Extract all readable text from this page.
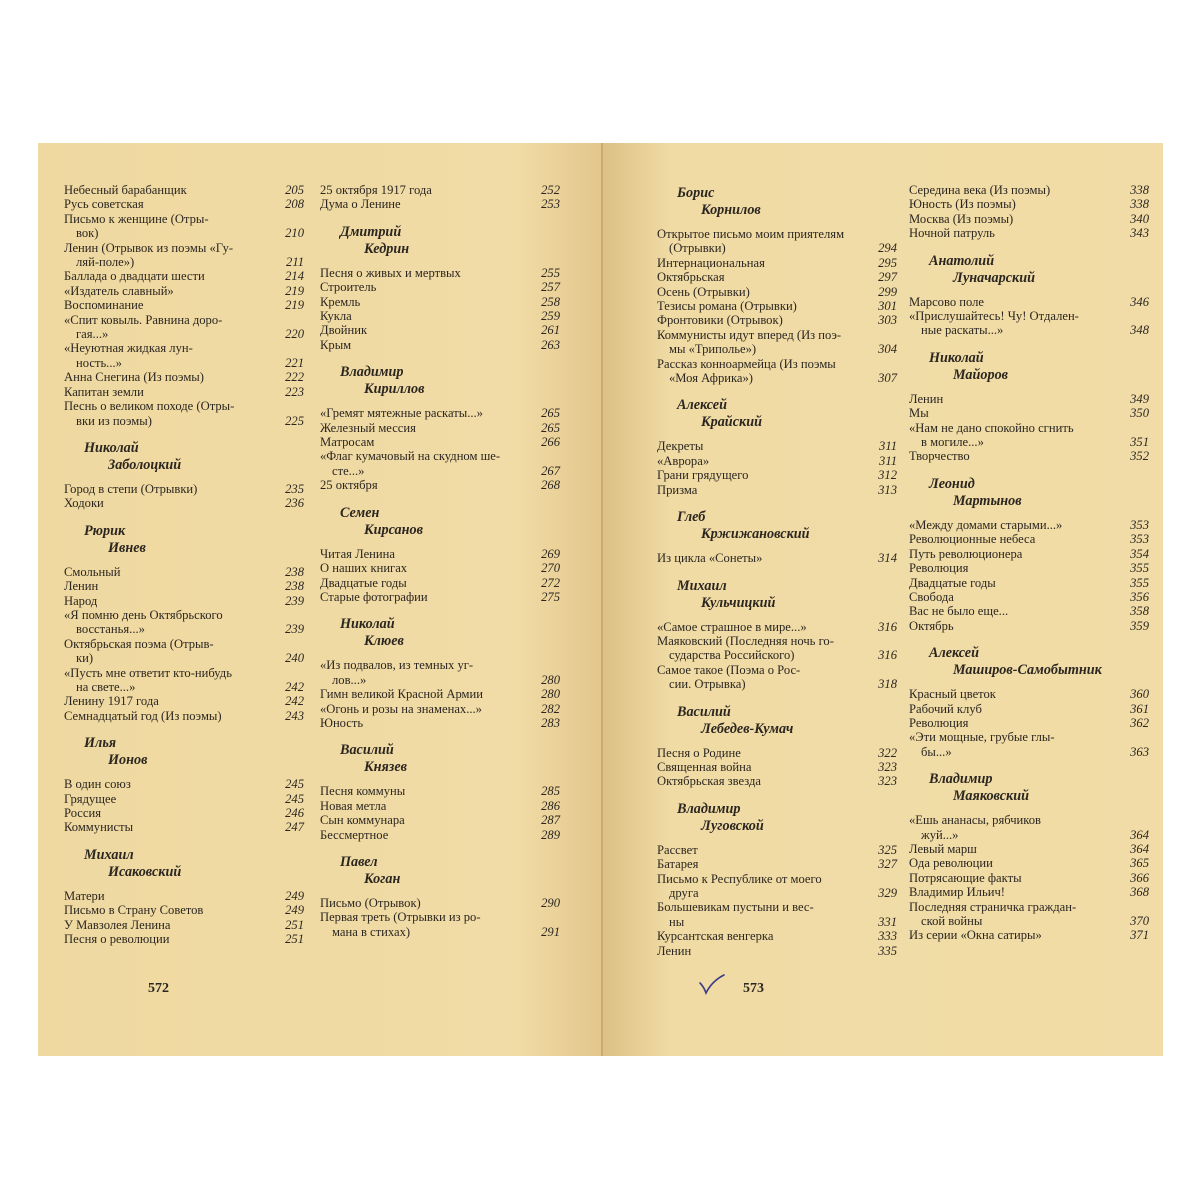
Небесный барабанщик	205
Русь советская	208
Письмо к женщине (Отры-
вок)	210
Ленин (Отрывок из поэмы «Гу-
ляй-поле»)	211
Баллада о двадцати шести	214
«Издатель славный»	219
Воспоминание	219
«Спит ковыль. Равнина доро-
гая...»	220
«Неуютная жидкая лун-
ность...»	221
Анна Снегина (Из поэмы)	222
Капитан земли	223
Песнь о великом походе (Отры-
вки из поэмы)	225
Николай
Заболоцкий
Город в степи (Отрывки)	235
Ходоки	236
Рюрик
Ивнев
Смольный	238
Ленин	238
Народ	239
«Я помню день Октябрьского
восстанья...»	239
Октябрьская поэма (Отрыв-
ки)	240
«Пусть мне ответит кто-нибудь
на свете...»	242
Ленину 1917 года	242
Семнадцатый год (Из поэмы)	243
Илья
Ионов
В один союз	245
Грядущее	245
Россия	246
Коммунисты	247
Михаил
Исаковский
Матери	249
Письмо в Страну Советов	249
У Мавзолея Ленина	251
Песня о революции	251
25 октября 1917 года	252
Дума о Ленине	253
Дмитрий
Кедрин
Песня о живых и мертвых	255
Строитель	257
Кремль	258
Кукла	259
Двойник	261
Крым	263
Владимир
Кириллов
«Гремят мятежные раскаты...»	265
Железный мессия	265
Матросам	266
«Флаг кумачовый на скудном ше-
сте...»	267
25 октября	268
Семен
Кирсанов
Читая Ленина	269
О наших книгах	270
Двадцатые годы	272
Старые фотографии	275
Николай
Клюев
«Из подвалов, из темных уг-
лов...»	280
Гимн великой Красной Армии	280
«Огонь и розы на знаменах...»	282
Юность	283
Василий
Князев
Песня коммуны	285
Новая метла	286
Сын коммунара	287
Бессмертное	289
Павел
Коган
Письмо (Отрывок)	290
Первая треть (Отрывки из ро-
мана в стихах)	291
Борис
Корнилов
Открытое письмо моим приятелям
(Отрывки)	294
Интернациональная	295
Октябрьская	297
Осень (Отрывки)	299
Тезисы романа (Отрывки)	301
Фронтовики (Отрывок)	303
Коммунисты идут вперед (Из поэ-
мы «Триполье»)	304
Рассказ конноармейца (Из поэмы
«Моя Африка»)	307
Алексей
Крайский
Декреты	311
«Аврора»	311
Грани грядущего	312
Призма	313
Глеб
Кржижановский
Из цикла «Сонеты»	314
Михаил
Кульчицкий
«Самое страшное в мире...»	316
Маяковский (Последняя ночь го-
сударства Российского)	316
Самое такое (Поэма о Рос-
сии. Отрывка)	318
Василий
Лебедев-Кумач
Песня о Родине	322
Священная война	323
Октябрьская звезда	323
Владимир
Луговской
Рассвет	325
Батарея	327
Письмо к Республике от моего
друга	329
Большевикам пустыни и вес-
ны	331
Курсантская венгерка	333
Ленин	335
Середина века (Из поэмы)	338
Юность (Из поэмы)	338
Москва (Из поэмы)	340
Ночной патруль	343
Анатолий
Луначарский
Марсово поле	346
«Прислушайтесь! Чу! Отдален-
ные раскаты...»	348
Николай
Майоров
Ленин	349
Мы	350
«Нам не дано спокойно сгнить
в могиле...»	351
Творчество	352
Леонид
Мартынов
«Между домами старыми...»	353
Революционные небеса	353
Путь революционера	354
Революция	355
Двадцатые годы	355
Свобода	356
Вас не было еще...	358
Октябрь	359
Алексей
Маширов-Самобытник
Красный цветок	360
Рабочий клуб	361
Революция	362
«Эти мощные, грубые глы-
бы...»	363
Владимир
Маяковский
«Ешь ананасы, рябчиков
жуй...»	364
Левый марш	364
Ода революции	365
Потрясающие факты	366
Владимир Ильич!	368
Последняя страничка граждан-
ской войны	370
Из серии «Окна сатиры»	371
572	573
